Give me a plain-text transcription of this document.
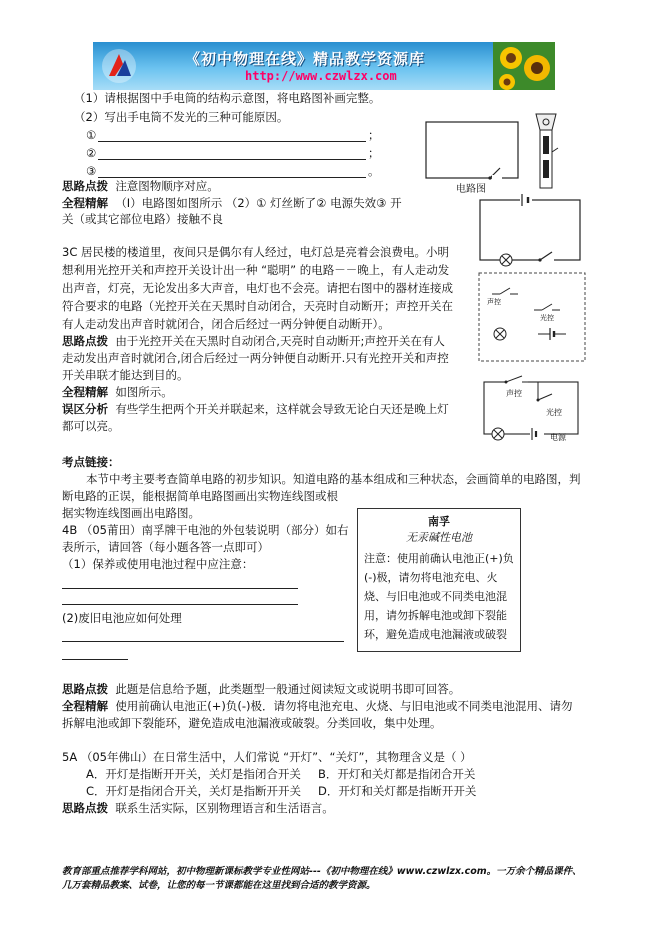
《初中物理在线》精品教学资源库
http://www.czwlzx.com
（1）请根据图中手电筒的结构示意图，将电路图补画完整。
（2）写出手电筒不发光的三种可能原因。
①	；
②	；
③	。
电路图
思路点拨 注意图物顺序对应。
全程精解 （I）电路图如图所示 （2）① 灯丝断了② 电源失效③ 开
关（或其它部位电路）接触不良
3C 居民楼的楼道里，夜间只是偶尔有人经过，电灯总是亮着会浪费电。小明
想利用光控开关和声控开关设计出一种 “聪明” 的电路－－晚上，有人走动发
出声音，灯亮，无论发出多大声音，电灯也不会亮。请把右图中的器材连接成
符合要求的电路（光控开关在天黑时自动闭合，天亮时自动断开；声控开关在
有人走动发出声音时就闭合，闭合后经过一两分钟便自动断开）。
声控
光控
思路点拨 由于光控开关在天黑时自动闭合,天亮时自动断开;声控开关在有人
走动发出声音时就闭合,闭合后经过一两分钟便自动断开.只有光控开关和声控
开关串联才能达到目的。
全程精解 如图所示。
误区分析 有些学生把两个开关并联起来，这样就会导致无论白天还是晚上灯
都可以亮。
声控
光控
电源
考点链接：
本节中考主要考查简单电路的初步知识。知道电路的基本组成和三种状态，会画简单的电路图，判
断电路的正误，能根据简单电路图画出实物连线图或根
据实物连线图画出电路图。
4B （05莆田）南孚牌干电池的外包装说明（部分）如右
表所示，请回答（每小题各答一点即可）
（1）保养或使用电池过程中应注意：
(2)废旧电池应如何处理
南孚
无汞碱性电池
注意：使用前确认电池正(+)负(-)极，请勿将电池充电、火烧、与旧电池或不同类电池混用，请勿拆解电池或卸下裂能环，避免造成电池漏液或破裂
思路点拨 此题是信息给予题，此类题型一般通过阅读短文或说明书即可回答。
全程精解 使用前确认电池正(+)负(-)极．请勿将电池充电、火烧、与旧电池或不同类电池混用、请勿
拆解电池或卸下裂能环，避免造成电池漏液或破裂。分类回收，集中处理。
5A （05年佛山）在日常生活中，人们常说 “开灯”、“关灯”，其物理含义是（ ）
A．开灯是指断开开关，关灯是指闭合开关 B．开灯和关灯都是指闭合开关
C．开灯是指闭合开关，关灯是指断开开关 D．开灯和关灯都是指断开开关
思路点拨 联系生活实际，区别物理语言和生活语言。
教育部重点推荐学科网站，初中物理新课标教学专业性网站---《初中物理在线》www.czwlzx.com。一万余个精品课件、
几万套精品教案、试卷，让您的每一节课都能在这里找到合适的教学资源。
